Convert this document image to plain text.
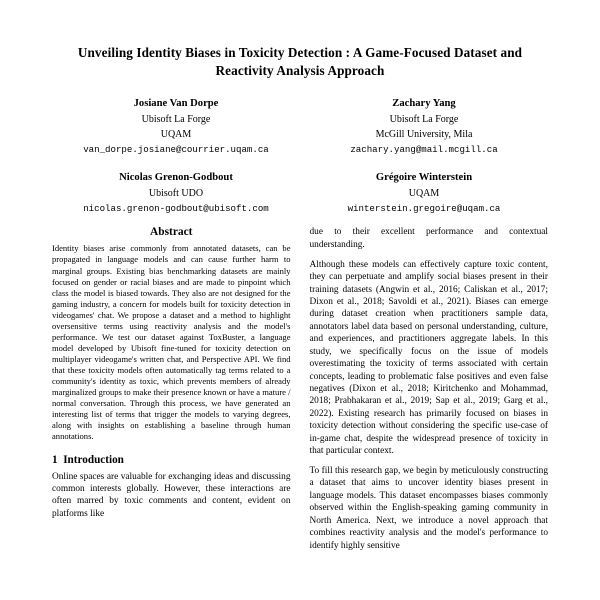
Unveiling Identity Biases in Toxicity Detection : A Game-Focused Dataset and Reactivity Analysis Approach
Josiane Van Dorpe
Ubisoft La Forge
UQAM
van_dorpe.josiane@courrier.uqam.ca
Zachary Yang
Ubisoft La Forge
McGill University, Mila
zachary.yang@mail.mcgill.ca
Nicolas Grenon-Godbout
Ubisoft UDO
nicolas.grenon-godbout@ubisoft.com
Grégoire Winterstein
UQAM
winterstein.gregoire@uqam.ca
Abstract
Identity biases arise commonly from annotated datasets, can be propagated in language models and can cause further harm to marginal groups. Existing bias benchmarking datasets are mainly focused on gender or racial biases and are made to pinpoint which class the model is biased towards. They also are not designed for the gaming industry, a concern for models built for toxicity detection in videogames' chat. We propose a dataset and a method to highlight oversensitive terms using reactivity analysis and the model's performance. We test our dataset against ToxBuster, a language model developed by Ubisoft fine-tuned for toxicity detection on multiplayer videogame's written chat, and Perspective API. We find that these toxicity models often automatically tag terms related to a community's identity as toxic, which prevents members of already marginalized groups to make their presence known or have a mature / normal conversation. Through this process, we have generated an interesting list of terms that trigger the models to varying degrees, along with insights on establishing a baseline through human annotations.
1 Introduction

Online spaces are valuable for exchanging ideas and discussing common interests globally. However, these interactions are often marred by toxic comments and content, evident on platforms like

due to their excellent performance and contextual understanding.

Although these models can effectively capture toxic content, they can perpetuate and amplify social biases present in their training datasets (Angwin et al., 2016; Caliskan et al., 2017; Dixon et al., 2018; Savoldi et al., 2021). Biases can emerge during dataset creation when practitioners sample data, annotators label data based on personal understanding, culture, and experiences, and practitioners aggregate labels. In this study, we specifically focus on the issue of models overestimating the toxicity of terms associated with certain concepts, leading to problematic false positives and even false negatives (Dixon et al., 2018; Kiritchenko and Mohammad, 2018; Prabhakaran et al., 2019; Sap et al., 2019; Garg et al., 2022). Existing research has primarily focused on biases in toxicity detection without considering the specific use-case of in-game chat, despite the widespread presence of toxicity in that particular context.

To fill this research gap, we begin by meticulously constructing a dataset that aims to uncover identity biases present in language models. This dataset encompasses biases commonly observed within the English-speaking gaming community in North America. Next, we introduce a novel approach that combines reactivity analysis and the model's performance to identify highly sensitive
